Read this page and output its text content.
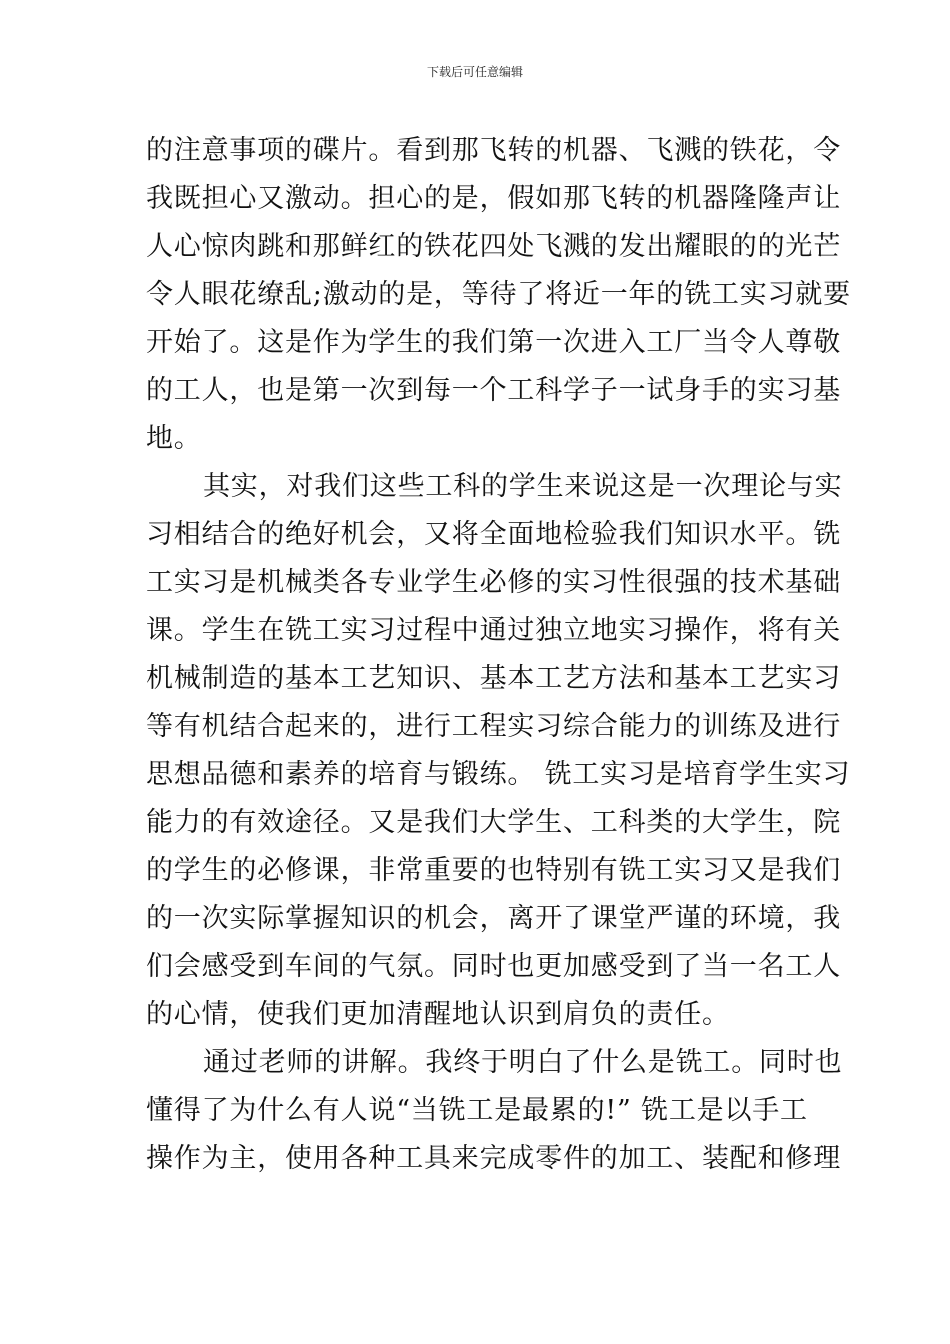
下载后可任意编辑
的注意事项的碟片。看到那飞转的机器、飞溅的铁花，令
我既担心又激动。担心的是，假如那飞转的机器隆隆声让
人心惊肉跳和那鲜红的铁花四处飞溅的发出耀眼的的光芒
令人眼花缭乱;激动的是，等待了将近一年的铣工实习就要
开始了。这是作为学生的我们第一次进入工厂当令人尊敬
的工人，也是第一次到每一个工科学子一试身手的实习基
地。
其实，对我们这些工科的学生来说这是一次理论与实
习相结合的绝好机会，又将全面地检验我们知识水平。铣
工实习是机械类各专业学生必修的实习性很强的技术基础
课。学生在铣工实习过程中通过独立地实习操作，将有关
机械制造的基本工艺知识、基本工艺方法和基本工艺实习
等有机结合起来的，进行工程实习综合能力的训练及进行
思想品德和素养的培育与锻练。 铣工实习是培育学生实习
能力的有效途径。又是我们大学生、工科类的大学生，院
的学生的必修课，非常重要的也特别有铣工实习又是我们
的一次实际掌握知识的机会，离开了课堂严谨的环境，我
们会感受到车间的气氛。同时也更加感受到了当一名工人
的心情，使我们更加清醒地认识到肩负的责任。
通过老师的讲解。我终于明白了什么是铣工。同时也
懂得了为什么有人说“当铣工是最累的!” 铣工是以手工
操作为主，使用各种工具来完成零件的加工、装配和修理
